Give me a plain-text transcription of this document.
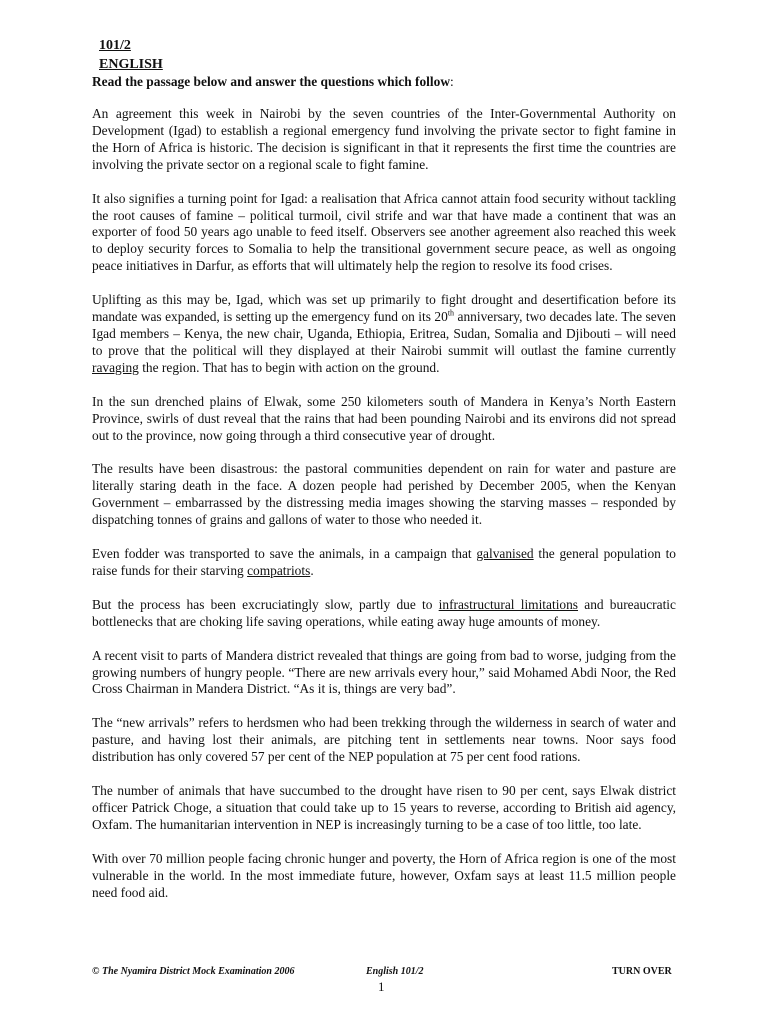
101/2
ENGLISH
Read the passage below and answer the questions which follow:

An agreement this week in Nairobi by the seven countries of the Inter-Governmental Authority on Development (Igad) to establish a regional emergency fund involving the private sector to fight famine in the Horn of Africa is historic. The decision is significant in that it represents the first time the countries are involving the private sector on a regional scale to fight famine.

It also signifies a turning point for Igad: a realisation that Africa cannot attain food security without tackling the root causes of famine – political turmoil, civil strife and war that have made a continent that was an exporter of food 50 years ago unable to feed itself. Observers see another agreement also reached this week to deploy security forces to Somalia to help the transitional government secure peace, as well as ongoing peace initiatives in Darfur, as efforts that will ultimately help the region to resolve its food crises.

Uplifting as this may be, Igad, which was set up primarily to fight drought and desertification before its mandate was expanded, is setting up the emergency fund on its 20th anniversary, two decades late. The seven Igad members – Kenya, the new chair, Uganda, Ethiopia, Eritrea, Sudan, Somalia and Djibouti – will need to prove that the political will they displayed at their Nairobi summit will outlast the famine currently ravaging the region. That has to begin with action on the ground.

In the sun drenched plains of Elwak, some 250 kilometers south of Mandera in Kenya’s North Eastern Province, swirls of dust reveal that the rains that had been pounding Nairobi and its environs did not spread out to the province, now going through a third consecutive year of drought.

The results have been disastrous: the pastoral communities dependent on rain for water and pasture are literally staring death in the face. A dozen people had perished by December 2005, when the Kenyan Government – embarrassed by the distressing media images showing the starving masses – responded by dispatching tonnes of grains and gallons of water to those who needed it.

Even fodder was transported to save the animals, in a campaign that galvanised the general population to raise funds for their starving compatriots.

But the process has been excruciatingly slow, partly due to infrastructural limitations and bureaucratic bottlenecks that are choking life saving operations, while eating away huge amounts of money.

A recent visit to parts of Mandera district revealed that things are going from bad to worse, judging from the growing numbers of hungry people. “There are new arrivals every hour,” said Mohamed Abdi Noor, the Red Cross Chairman in Mandera District. “As it is, things are very bad”.

The “new arrivals” refers to herdsmen who had been trekking through the wilderness in search of water and pasture, and having lost their animals, are pitching tent in settlements near towns. Noor says food distribution has only covered 57 per cent of the NEP population at 75 per cent food rations.

The number of animals that have succumbed to the drought have risen to 90 per cent, says Elwak district officer Patrick Choge, a situation that could take up to 15 years to reverse, according to British aid agency, Oxfam. The humanitarian intervention in NEP is increasingly turning to be a case of too little, too late.

With over 70 million people facing chronic hunger and poverty, the Horn of Africa region is one of the most vulnerable in the world. In the most immediate future, however, Oxfam says at least 11.5 million people need food aid.

© The Nyamira District Mock Examination 2006	English 101/2	TURN OVER
1
